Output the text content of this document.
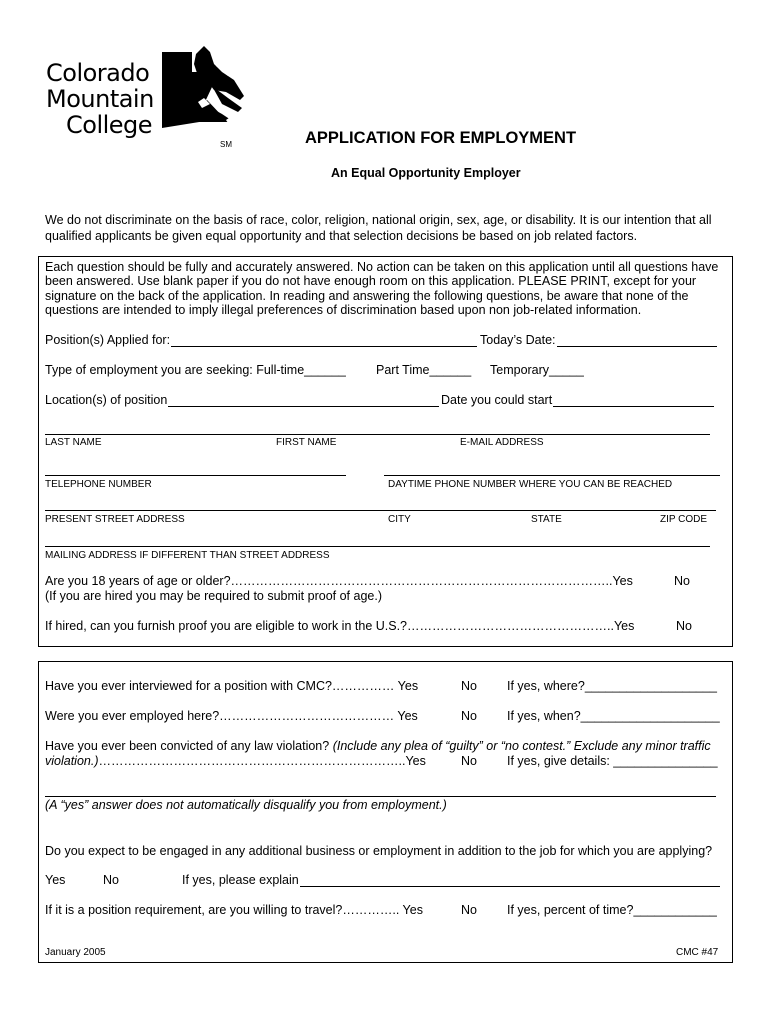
Colorado
Mountain
College
SM	APPLICATION FOR EMPLOYMENT
An Equal Opportunity Employer
We do not discriminate on the basis of race, color, religion, national origin, sex, age, or disability. It is our intention that all
qualified applicants be given equal opportunity and that selection decisions be based on job related factors.
Each question should be fully and accurately answered. No action can be taken on this application until all questions have
been answered. Use blank paper if you do not have enough room on this application. PLEASE PRINT, except for your
signature on the back of the application. In reading and answering the following questions, be aware that none of the
questions are intended to imply illegal preferences of discrimination based upon non job-related information.
Position(s) Applied for:	Today’s Date:
Type of employment you are seeking: Full-time______ Part Time______ Temporary_____
Location(s) of position	Date you could start
LAST NAME	FIRST NAME	E-MAIL ADDRESS
TELEPHONE NUMBER	DAYTIME PHONE NUMBER WHERE YOU CAN BE REACHED
PRESENT STREET ADDRESS	CITY	STATE	ZIP CODE
MAILING ADDRESS IF DIFFERENT THAN STREET ADDRESS
Are you 18 years of age or older?………………………………………………………………………………..Yes	No
(If you are hired you may be required to submit proof of age.)
If hired, can you furnish proof you are eligible to work in the U.S.?…………………………………………..Yes	No
Have you ever interviewed for a position with CMC?…………… Yes	No If yes, where?___________________
Were you ever employed here?…………………………………… Yes	No If yes, when?____________________
Have you ever been convicted of any law violation? (Include any plea of “guilty” or “no contest.” Exclude any minor traffic
violation.)………………………………………………………………..Yes	No If yes, give details: _______________
(A “yes” answer does not automatically disqualify you from employment.)
Do you expect to be engaged in any additional business or employment in addition to the job for which you are applying?
Yes	No	If yes, please explain
If it is a position requirement, are you willing to travel?………….. Yes	No If yes, percent of time?____________
January 2005	CMC #47
